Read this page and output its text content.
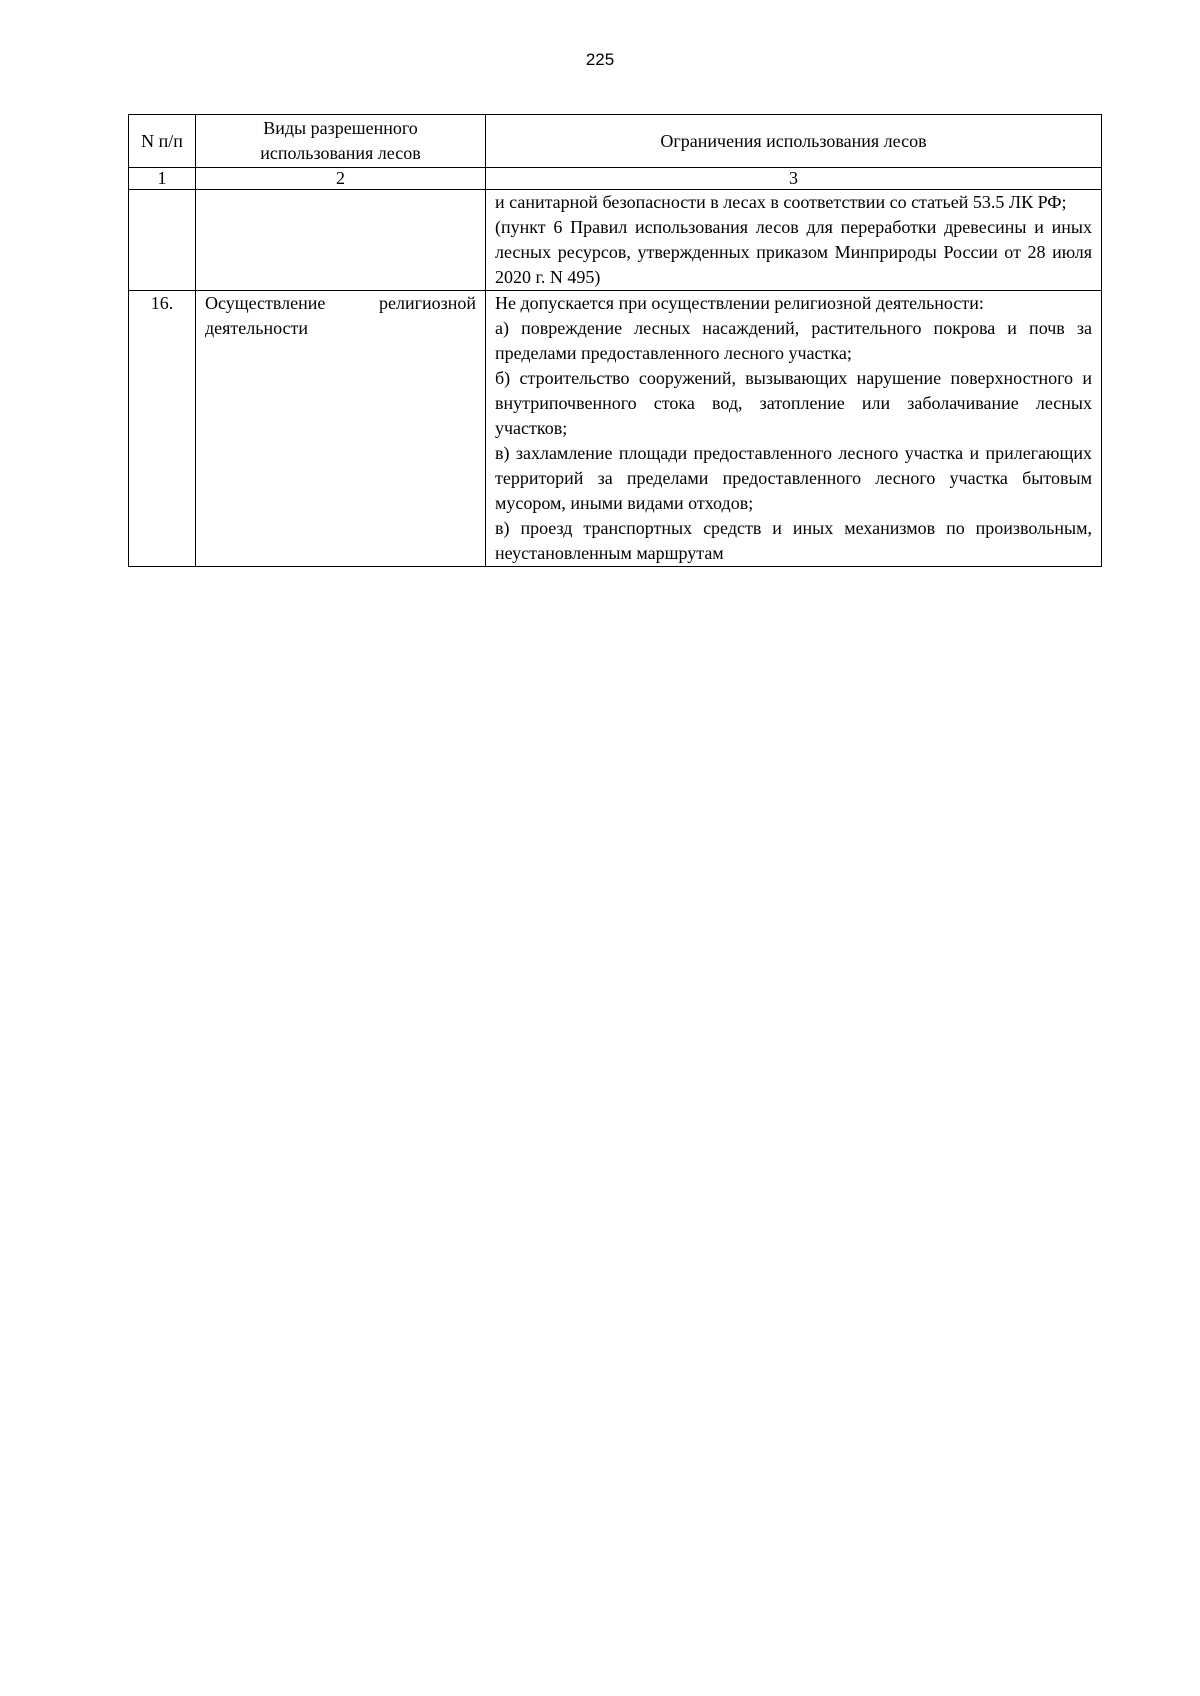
225
N п/п	Виды разрешенного использования лесов	Ограничения использования лесов
1	2	3

		и санитарной безопасности в лесах в соответствии со статьей 53.5 ЛК РФ;
(пункт 6 Правил использования лесов для переработки древесины и иных лесных ресурсов, утвержденных приказом Минприроды России от 28 июля 2020 г. N 495)

16.	Осуществление религиозной деятельности	Не допускается при осуществлении религиозной деятельности:
а) повреждение лесных насаждений, растительного покрова и почв за пределами предоставленного лесного участка;
б) строительство сооружений, вызывающих нарушение поверхностного и внутрипочвенного стока вод, затопление или заболачивание лесных участков;
в) захламление площади предоставленного лесного участка и прилегающих территорий за пределами предоставленного лесного участка бытовым мусором, иными видами отходов;
в) проезд транспортных средств и иных механизмов по произвольным, неустановленным маршрутам
